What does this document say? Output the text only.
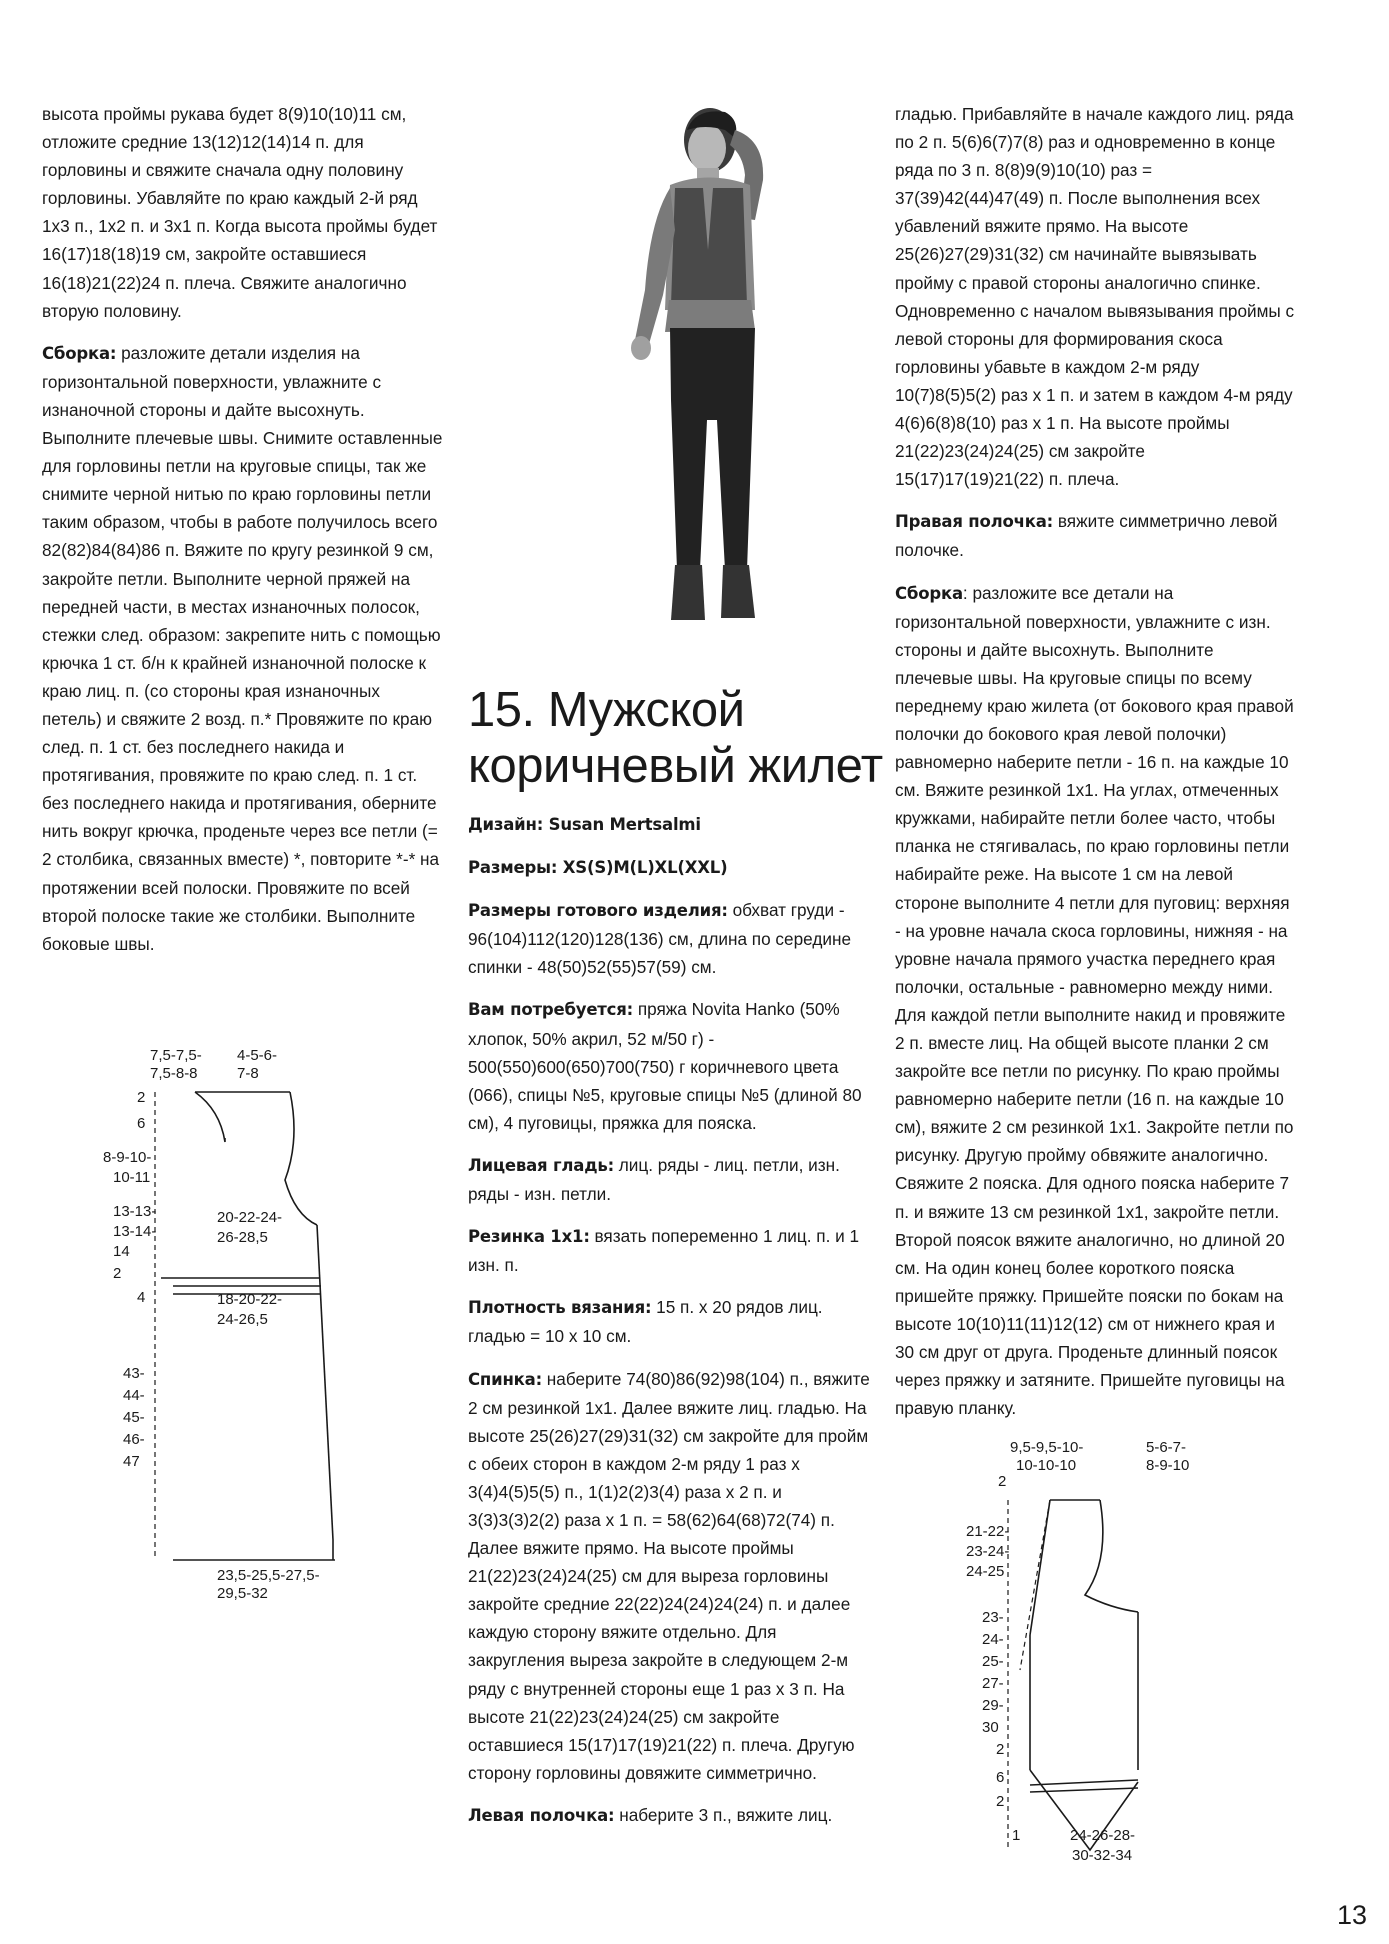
высота проймы рукава будет 8(9)10(10)11 см, отложите средние 13(12)12(14)14 п. для горловины и свяжите сначала одну половину горловины. Убавляйте по краю каждый 2-й ряд 1х3 п., 1х2 п. и 3х1 п. Когда высота проймы будет 16(17)18(18)19 см, закройте оставшиеся 16(18)21(22)24 п. плеча. Свяжите аналогично вторую половину.

Сборка: разложите детали изделия на горизонтальной поверхности, увлажните с изнаночной стороны и дайте высохнуть. Выполните плечевые швы. Снимите оставленные для горловины петли на круговые спицы, так же снимите черной нитью по краю горловины петли таким образом, чтобы в работе получилось всего 82(82)84(84)86 п. Вяжите по кругу резинкой 9 см, закройте петли. Выполните черной пряжей на передней части, в местах изнаночных полосок, стежки след. образом: закрепите нить с помощью крючка 1 ст. б/н к крайней изнаночной полоске к краю лиц. п. (со стороны края изнаночных петель) и свяжите 2 возд. п.* Провяжите по краю след. п. 1 ст. без последнего накида и протягивания, провяжите по краю след. п. 1 ст. без последнего накида и протягивания, оберните нить вокруг крючка, проденьте через все петли (= 2 столбика, связанных вместе) *, повторите *-* на протяжении всей полоски. Провяжите по всей второй полоске такие же столбики. Выполните боковые швы.

15. Мужской
коричневый жилет

Дизайн: Susan Mertsalmi

Размеры: XS(S)M(L)XL(XXL)

Размеры готового изделия: обхват груди - 96(104)112(120)128(136) см, длина по середине спинки - 48(50)52(55)57(59) см.

Вам потребуется: пряжа Novita Hanko (50% хлопок, 50% акрил, 52 м/50 г) - 500(550)600(650)700(750) г коричневого цвета (066), спицы №5, круговые спицы №5 (длиной 80 см), 4 пуговицы, пряжка для пояска.

Лицевая гладь: лиц. ряды - лиц. петли, изн. ряды - изн. петли.

Резинка 1х1: вязать попеременно 1 лиц. п. и 1 изн. п.

Плотность вязания: 15 п. х 20 рядов лиц. гладью = 10 х 10 см.

Спинка: наберите 74(80)86(92)98(104) п., вяжите 2 см резинкой 1х1. Далее вяжите лиц. гладью. На высоте 25(26)27(29)31(32) см закройте для пройм с обеих сторон в каждом 2-м ряду 1 раз х 3(4)4(5)5(5) п., 1(1)2(2)3(4) раза х 2 п. и 3(3)3(3)2(2) раза х 1 п. = 58(62)64(68)72(74) п. Далее вяжите прямо. На высоте проймы 21(22)23(24)24(25) см для выреза горловины закройте средние 22(22)24(24)24(24) п. и далее каждую сторону вяжите отдельно. Для закругления выреза закройте в следующем 2-м ряду с внутренней стороны еще 1 раз х 3 п. На высоте 21(22)23(24)24(25) см закройте оставшиеся 15(17)17(19)21(22) п. плеча. Другую сторону горловины довяжите симметрично.

Левая полочка: наберите 3 п., вяжите лиц.

гладью. Прибавляйте в начале каждого лиц. ряда по 2 п. 5(6)6(7)7(8) раз и одновременно в конце ряда по 3 п. 8(8)9(9)10(10) раз = 37(39)42(44)47(49) п. После выполнения всех убавлений вяжите прямо. На высоте 25(26)27(29)31(32) см начинайте вывязывать пройму с правой стороны аналогично спинке. Одновременно с началом вывязывания проймы с левой стороны для формирования скоса горловины убавьте в каждом 2-м ряду 10(7)8(5)5(2) раз х 1 п. и затем в каждом 4-м ряду 4(6)6(8)8(10) раз х 1 п. На высоте проймы 21(22)23(24)24(25) см закройте 15(17)17(19)21(22) п. плеча.

Правая полочка: вяжите симметрично левой полочке.

Сборка: разложите все детали на горизонтальной поверхности, увлажните с изн. стороны и дайте высохнуть. Выполните плечевые швы. На круговые спицы по всему переднему краю жилета (от бокового края правой полочки до бокового края левой полочки) равномерно наберите петли - 16 п. на каждые 10 см. Вяжите резинкой 1х1. На углах, отмеченных кружками, набирайте петли более часто, чтобы планка не стягивалась, по краю горловины петли набирайте реже. На высоте 1 см на левой стороне выполните 4 петли для пуговиц: верхняя - на уровне начала скоса горловины, нижняя - на уровне начала прямого участка переднего края полочки, остальные - равномерно между ними. Для каждой петли выполните накид и провяжите 2 п. вместе лиц. На общей высоте планки 2 см закройте все петли по рисунку. По краю проймы равномерно наберите петли (16 п. на каждые 10 см), вяжите 2 см резинкой 1х1. Закройте петли по рисунку. Другую пройму обвяжите аналогично. Свяжите 2 пояска. Для одного пояска наберите 7 п. и вяжите 13 см резинкой 1х1, закройте петли. Второй поясок вяжите аналогично, но длиной 20 см. На один конец более короткого пояска пришейте пряжку. Пришейте пояски по бокам на высоте 10(10)11(11)12(12) см от нижнего края и 30 см друг от друга. Проденьте длинный поясок через пряжку и затяните. Пришейте пуговицы на правую планку.

7,5-7,5-
7,5-8-8
4-5-6-
7-8
2
6
8-9-10-
10-11
13-13-
13-14-
14
2
4
20-22-24-
26-28,5
18-20-22-
24-26,5
43-
44-
45-
46-
47
23,5-25,5-27,5-
29,5-32
9,5-9,5-10-
10-10-10
5-6-7-
8-9-10
2
21-22-
23-24-
24-25
23-
24-
25-
27-
29-
30
2
6
2
1	24-26-28-
30-32-34
13
